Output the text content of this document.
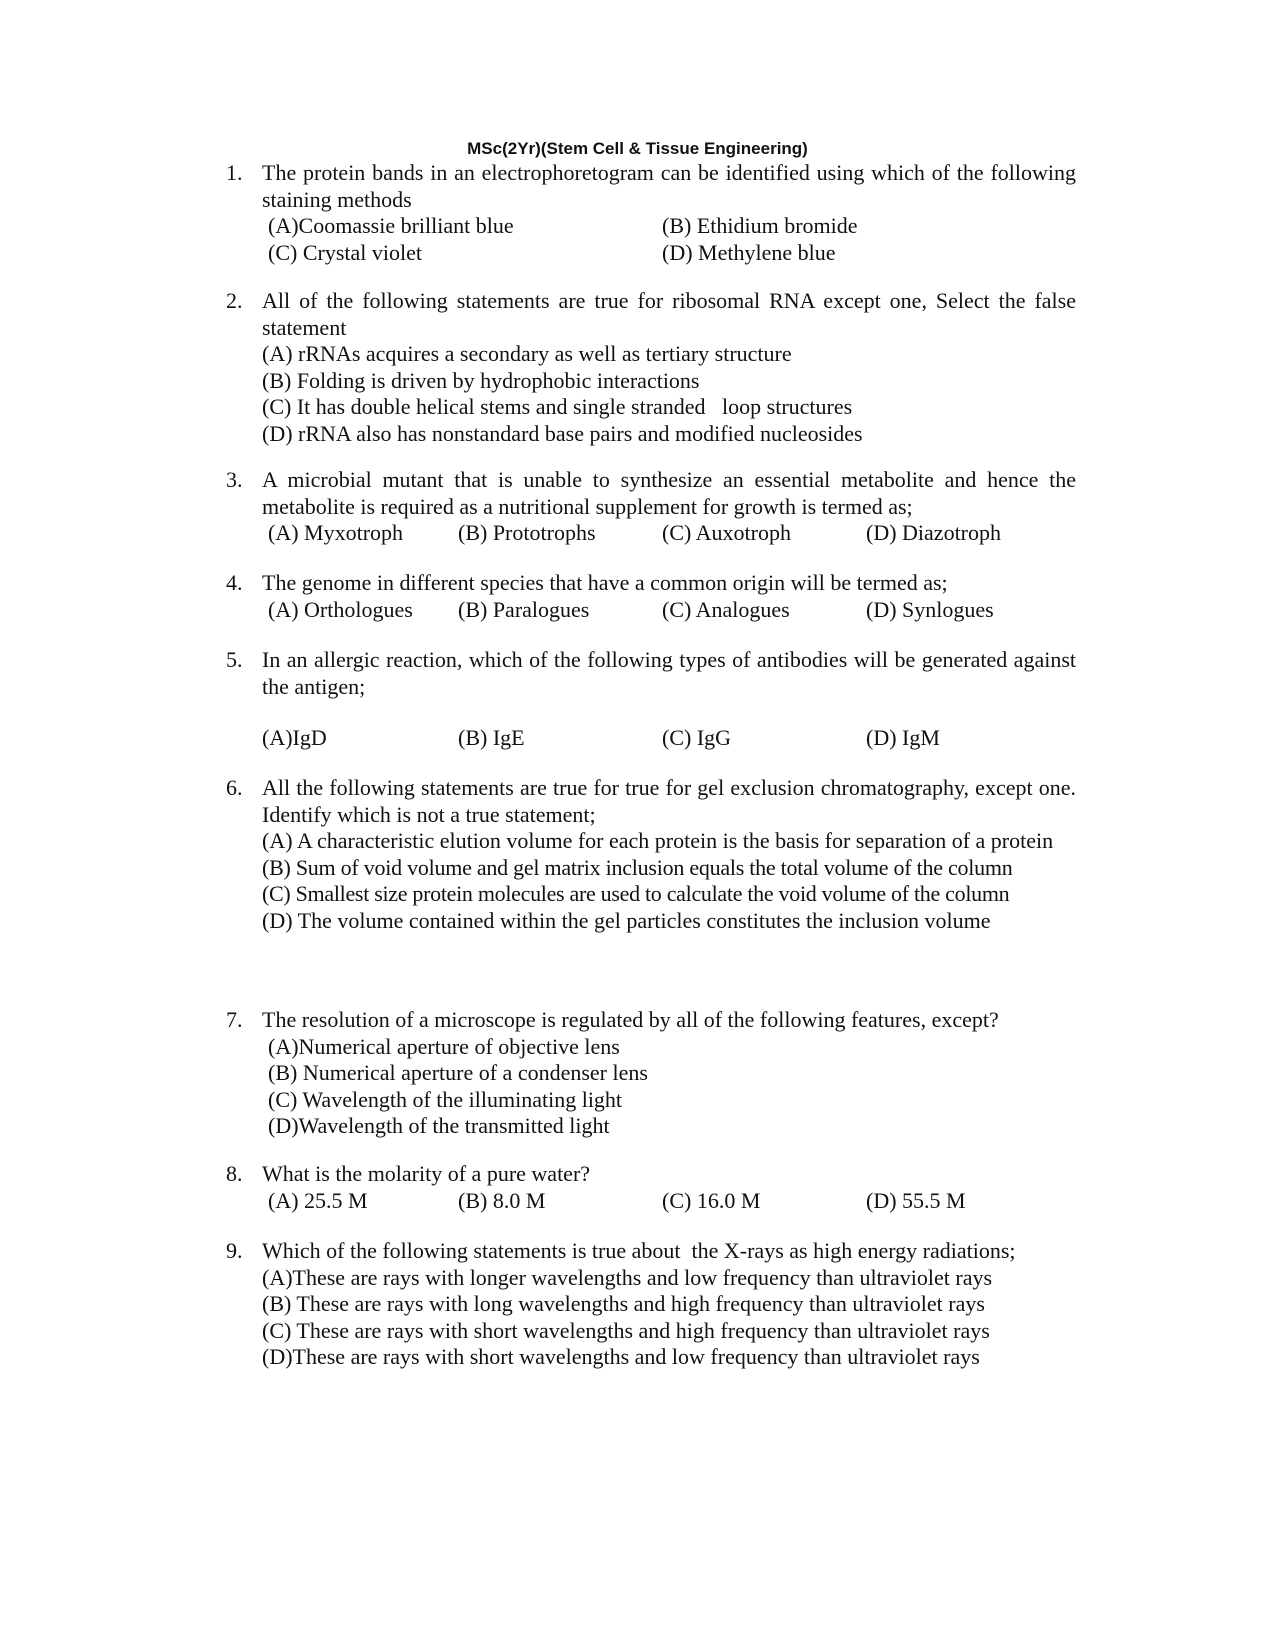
MSc(2Yr)(Stem Cell & Tissue Engineering)
1. The protein bands in an electrophoretogram can be identified using which of the following staining methods
(A)Coomassie brilliant blue	(B) Ethidium bromide
(C) Crystal violet	(D) Methylene blue
2. All of the following statements are true for ribosomal RNA except one, Select the false statement
(A) rRNAs acquires a secondary as well as tertiary structure
(B) Folding is driven by hydrophobic interactions
(C) It has double helical stems and single stranded   loop structures
(D) rRNA also has nonstandard base pairs and modified nucleosides
3. A microbial mutant that is unable to synthesize an essential metabolite and hence the metabolite is required as a nutritional supplement for growth is termed as;
(A) Myxotroph (B) Prototrophs	(C) Auxotroph	(D) Diazotroph
4. The genome in different species that have a common origin will be termed as;
(A) Orthologues (B) Paralogues	(C) Analogues	(D) Synlogues
5. In an allergic reaction, which of the following types of antibodies will be generated against the antigen;
(A)IgD	(B) IgE	(C) IgG	(D) IgM
6. All the following statements are true for true for gel exclusion chromatography, except one. Identify which is not a true statement;
(A) A characteristic elution volume for each protein is the basis for separation of a protein
(B) Sum of void volume and gel matrix inclusion equals the total volume of the column
(C) Smallest size protein molecules are used to calculate the void volume of the column
(D) The volume contained within the gel particles constitutes the inclusion volume
7. The resolution of a microscope is regulated by all of the following features, except?
(A)Numerical aperture of objective lens
(B) Numerical aperture of a condenser lens
(C) Wavelength of the illuminating light
(D)Wavelength of the transmitted light
8. What is the molarity of a pure water?
(A) 25.5 M	(B) 8.0 M	(C) 16.0 M	(D) 55.5 M
9. Which of the following statements is true about  the X-rays as high energy radiations;
(A)These are rays with longer wavelengths and low frequency than ultraviolet rays
(B) These are rays with long wavelengths and high frequency than ultraviolet rays
(C) These are rays with short wavelengths and high frequency than ultraviolet rays
(D)These are rays with short wavelengths and low frequency than ultraviolet rays
